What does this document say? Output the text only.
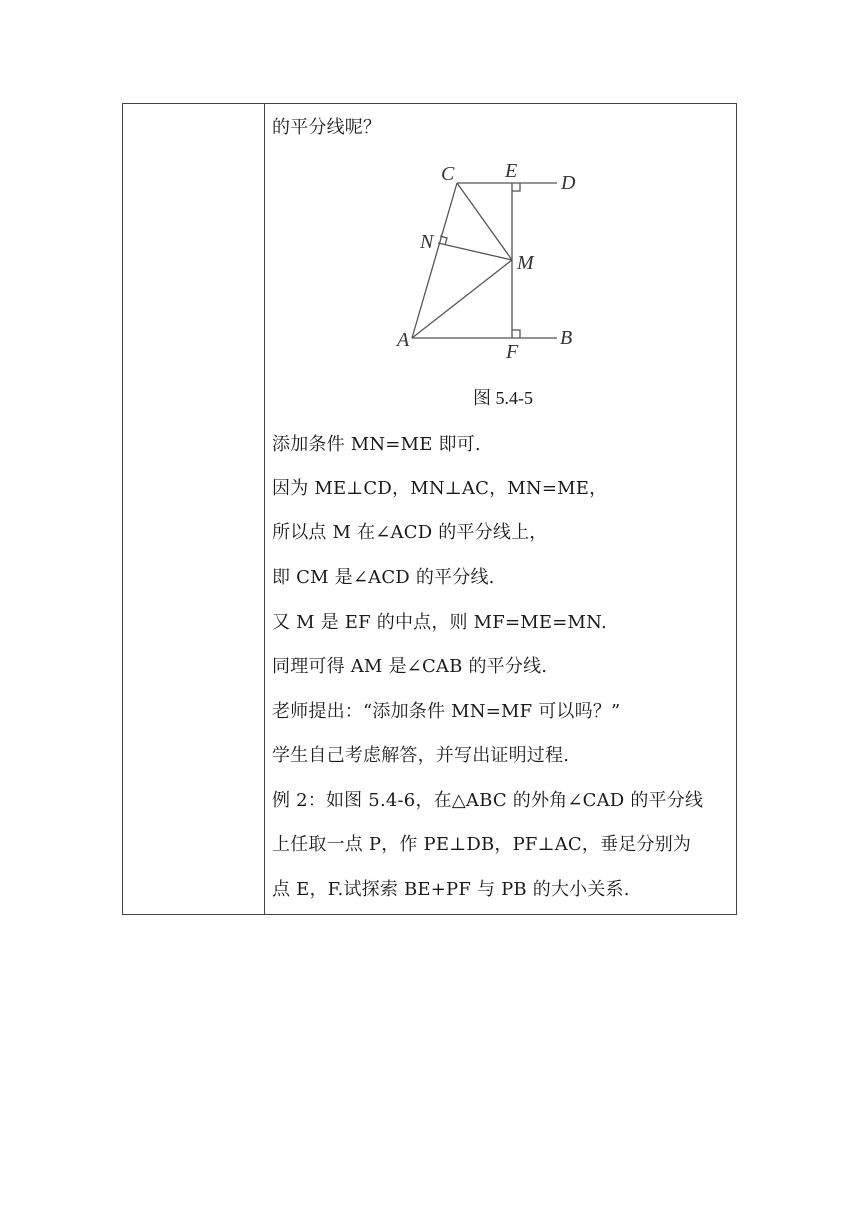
的平分线呢？
C	E
D
N
M
A
F
B
图 5.4-5
添加条件 MN=ME 即可.
因为 ME⊥CD，MN⊥AC，MN=ME，
所以点 M 在∠ACD 的平分线上，
即 CM 是∠ACD 的平分线.
又 M 是 EF 的中点，则 MF=ME=MN.
同理可得 AM 是∠CAB 的平分线.
老师提出：“添加条件 MN=MF 可以吗？”
学生自己考虑解答，并写出证明过程.
例 2：如图 5.4-6，在△ABC 的外角∠CAD 的平分线
上任取一点 P，作 PE⊥DB，PF⊥AC，垂足分别为
点 E，F.试探索 BE+PF 与 PB 的大小关系.
